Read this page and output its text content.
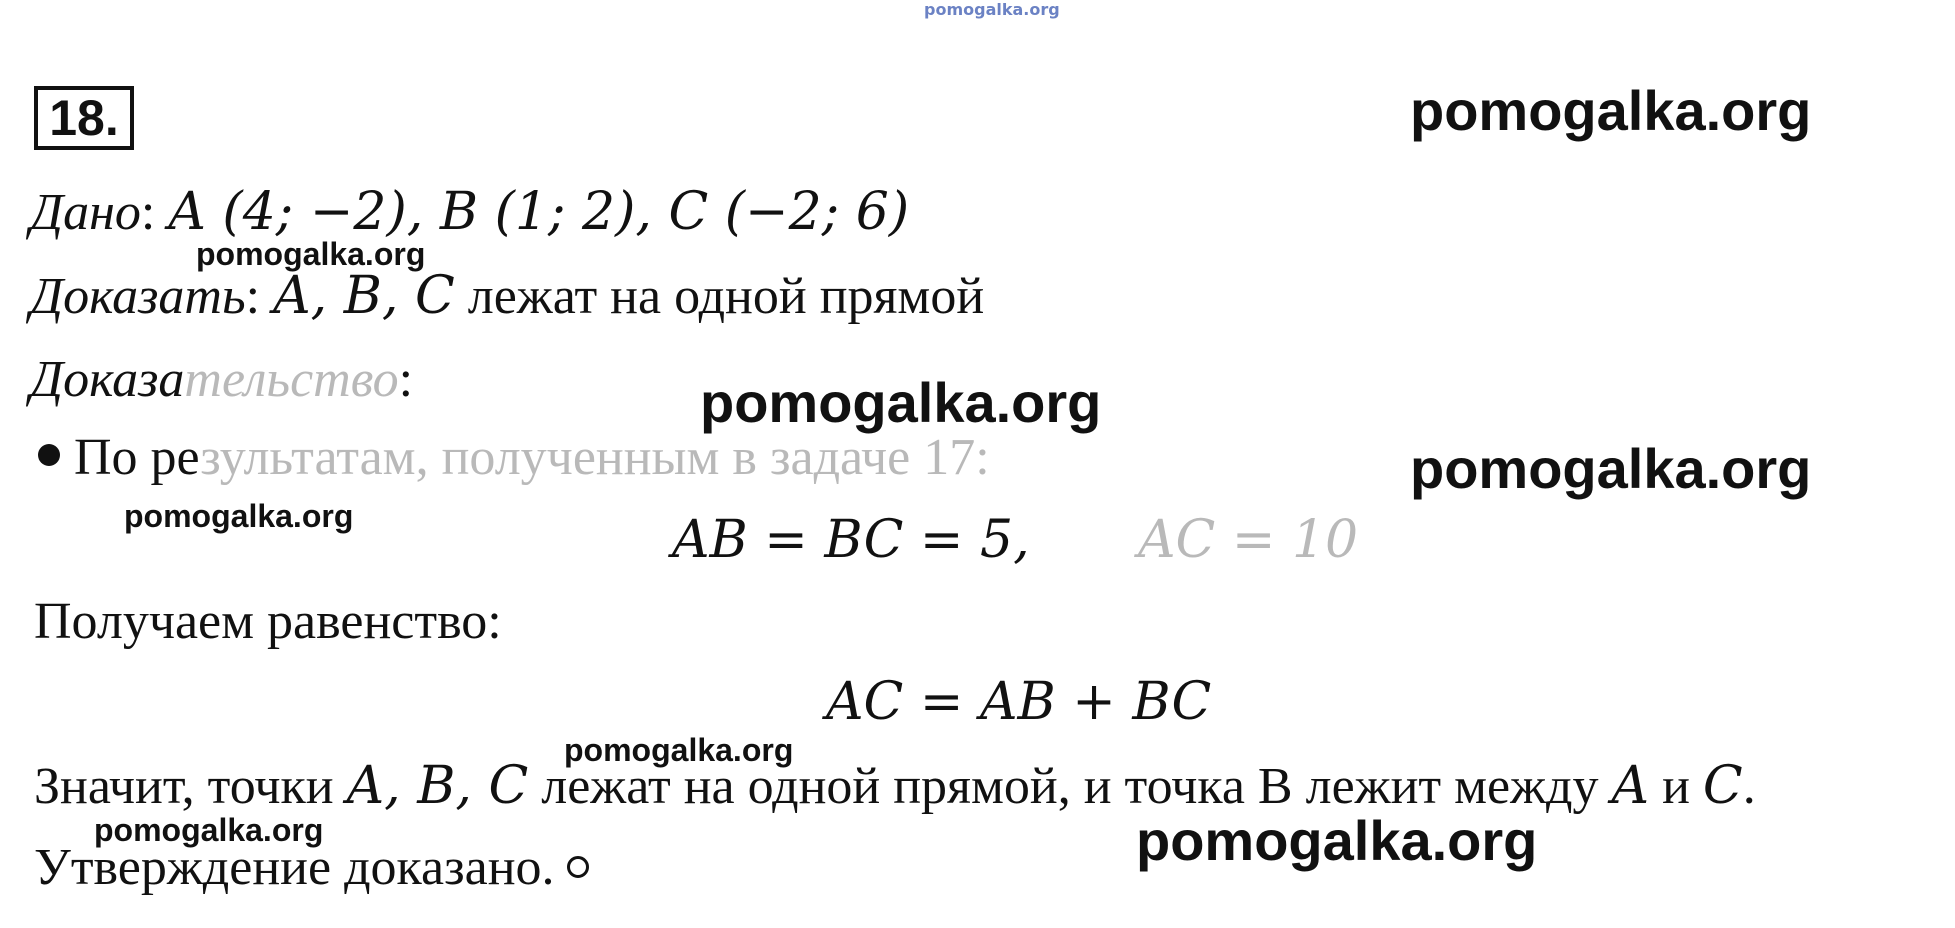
pomogalka.org
18.
Дано: A (4; −2), B (1; 2), C (−2; 6)
Доказать: A, B, C лежат на одной прямой
Доказательство:
По результатам, полученным в задаче 17:
AB = BC = 5, AC = 10
Получаем равенство:
AC = AB + BC
Значит, точки A, B, C лежат на одной прямой, и точка B лежит между A и C.
Утверждение доказано.
pomogalka.org
pomogalka.org
pomogalka.org
pomogalka.org
pomogalka.org
pomogalka.org
pomogalka.org	pomogalka.org
